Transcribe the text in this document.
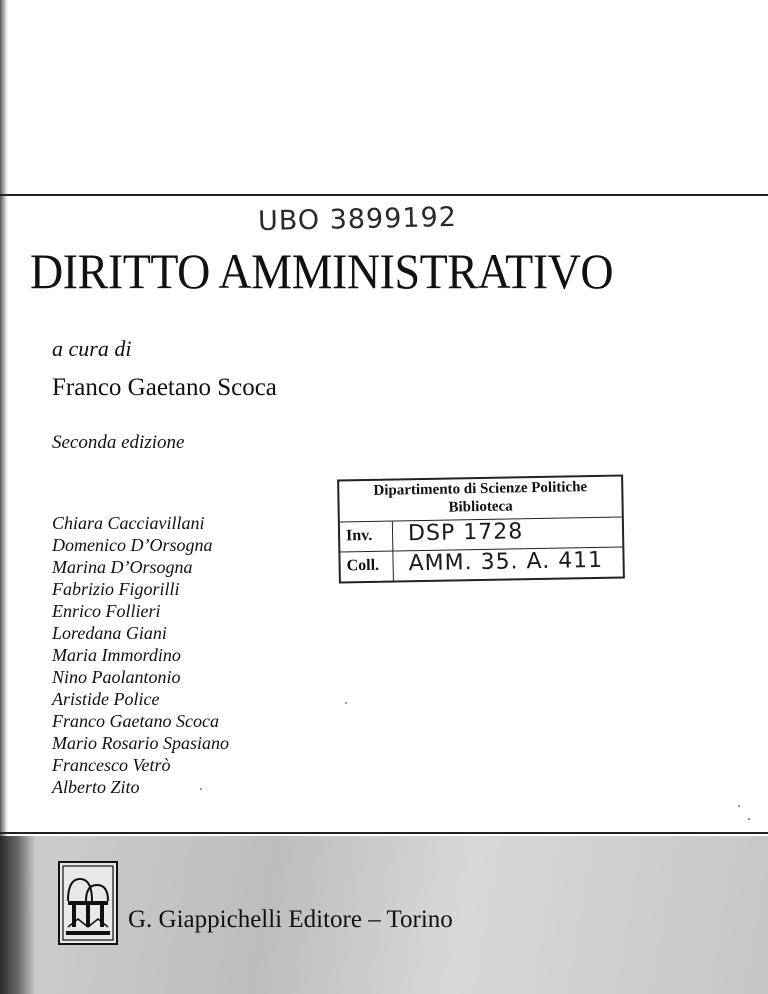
UBO 3899192
DIRITTO AMMINISTRATIVO
a cura di
Franco Gaetano Scoca
Seconda edizione
Chiara Cacciavillani
Domenico D’Orsogna
Marina D’Orsogna
Fabrizio Figorilli
Enrico Follieri
Loredana Giani
Maria Immordino
Nino Paolantonio
Aristide Police
Franco Gaetano Scoca
Mario Rosario Spasiano
Francesco Vetrò
Alberto Zito
Dipartimento di Scienze Politiche
Biblioteca
Inv. DSP 1728
Coll. AMM. 35. A. 411
G. Giappichelli Editore – Torino
